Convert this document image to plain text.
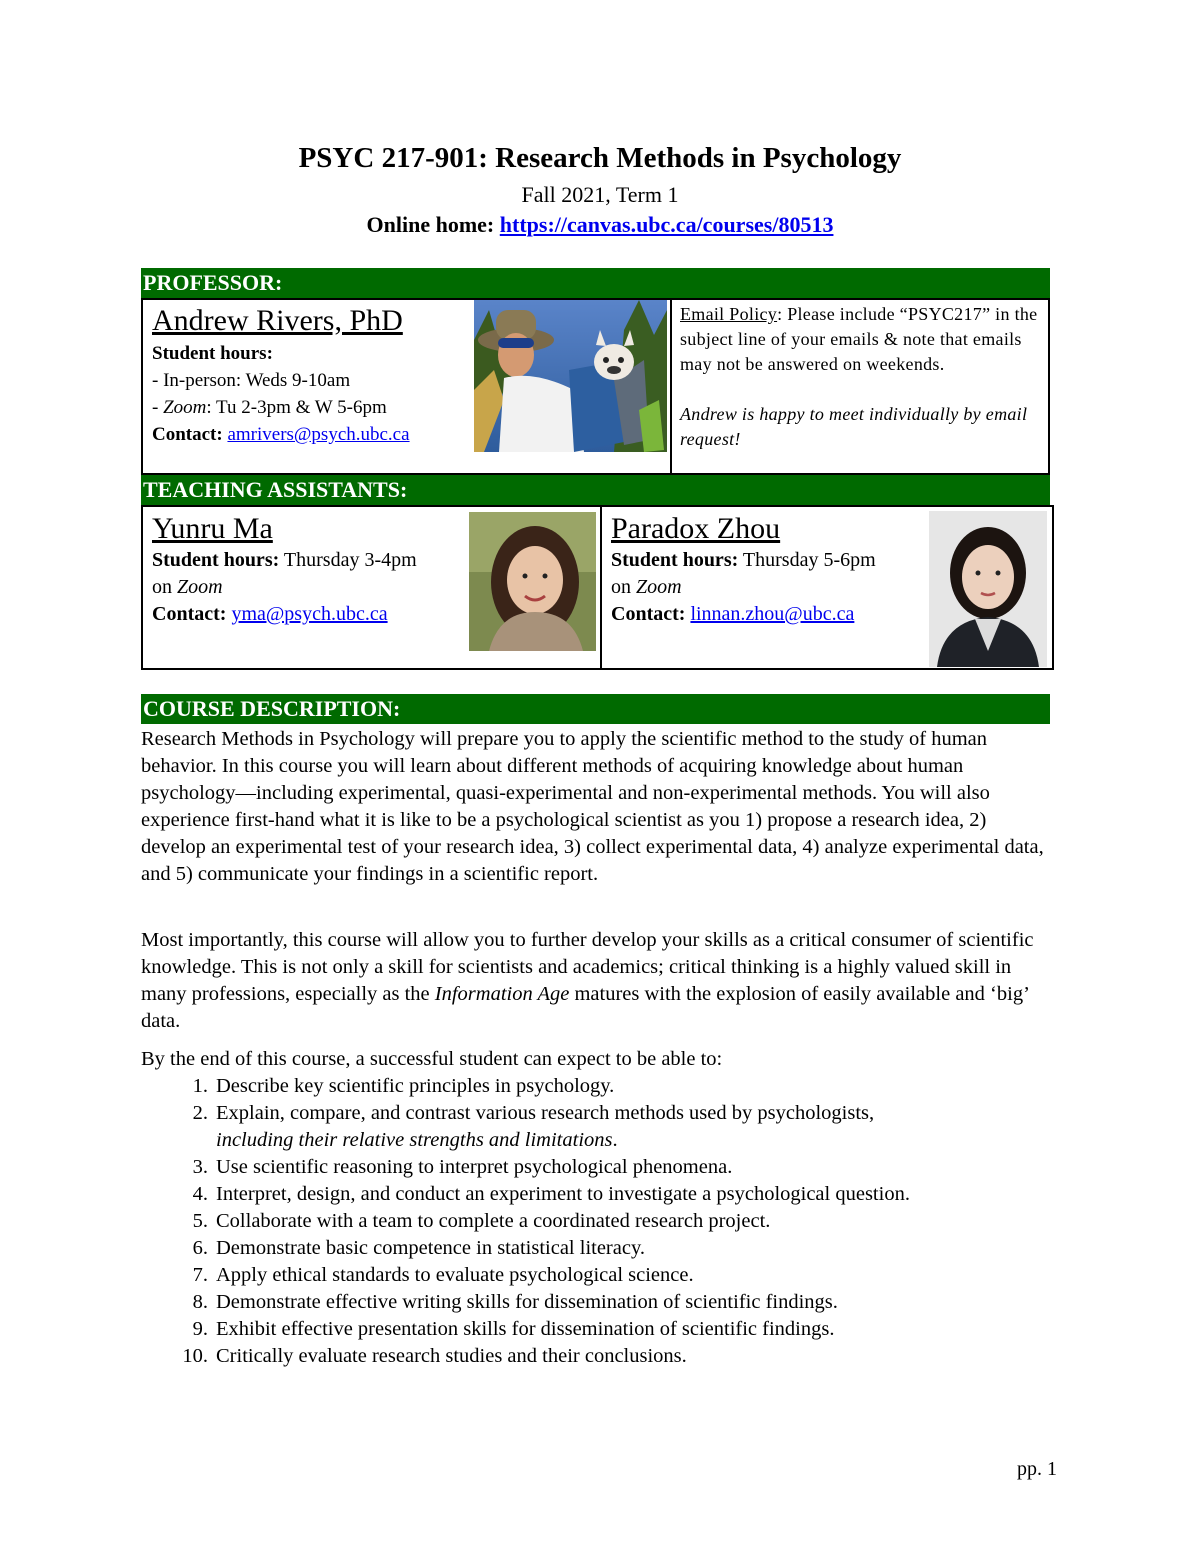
PSYC 217-901: Research Methods in Psychology
Fall 2021, Term 1
Online home: https://canvas.ubc.ca/courses/80513
PROFESSOR:
Andrew Rivers, PhD
Student hours:
- In-person: Weds 9-10am
- Zoom: Tu 2-3pm & W 5-6pm
Contact: amrivers@psych.ubc.ca
Email Policy: Please include “PSYC217” in the subject line of your emails & note that emails may not be answered on weekends.
Andrew is happy to meet individually by email request!
TEACHING ASSISTANTS:
Yunru Ma
Student hours: Thursday 3-4pm
on Zoom
Contact: yma@psych.ubc.ca
Paradox Zhou
Student hours: Thursday 5-6pm
on Zoom
Contact: linnan.zhou@ubc.ca
COURSE DESCRIPTION:
Research Methods in Psychology will prepare you to apply the scientific method to the study of human behavior. In this course you will learn about different methods of acquiring knowledge about human psychology—including experimental, quasi-experimental and non-experimental methods. You will also experience first-hand what it is like to be a psychological scientist as you 1) propose a research idea, 2) develop an experimental test of your research idea, 3) collect experimental data, 4) analyze experimental data, and 5) communicate your findings in a scientific report.
Most importantly, this course will allow you to further develop your skills as a critical consumer of scientific knowledge. This is not only a skill for scientists and academics; critical thinking is a highly valued skill in many professions, especially as the Information Age matures with the explosion of easily available and ‘big’ data.
By the end of this course, a successful student can expect to be able to:
1. Describe key scientific principles in psychology.
2. Explain, compare, and contrast various research methods used by psychologists,
including their relative strengths and limitations.
3. Use scientific reasoning to interpret psychological phenomena.
4. Interpret, design, and conduct an experiment to investigate a psychological question.
5. Collaborate with a team to complete a coordinated research project.
6. Demonstrate basic competence in statistical literacy.
7. Apply ethical standards to evaluate psychological science.
8. Demonstrate effective writing skills for dissemination of scientific findings.
9. Exhibit effective presentation skills for dissemination of scientific findings.
10. Critically evaluate research studies and their conclusions.
pp. 1
